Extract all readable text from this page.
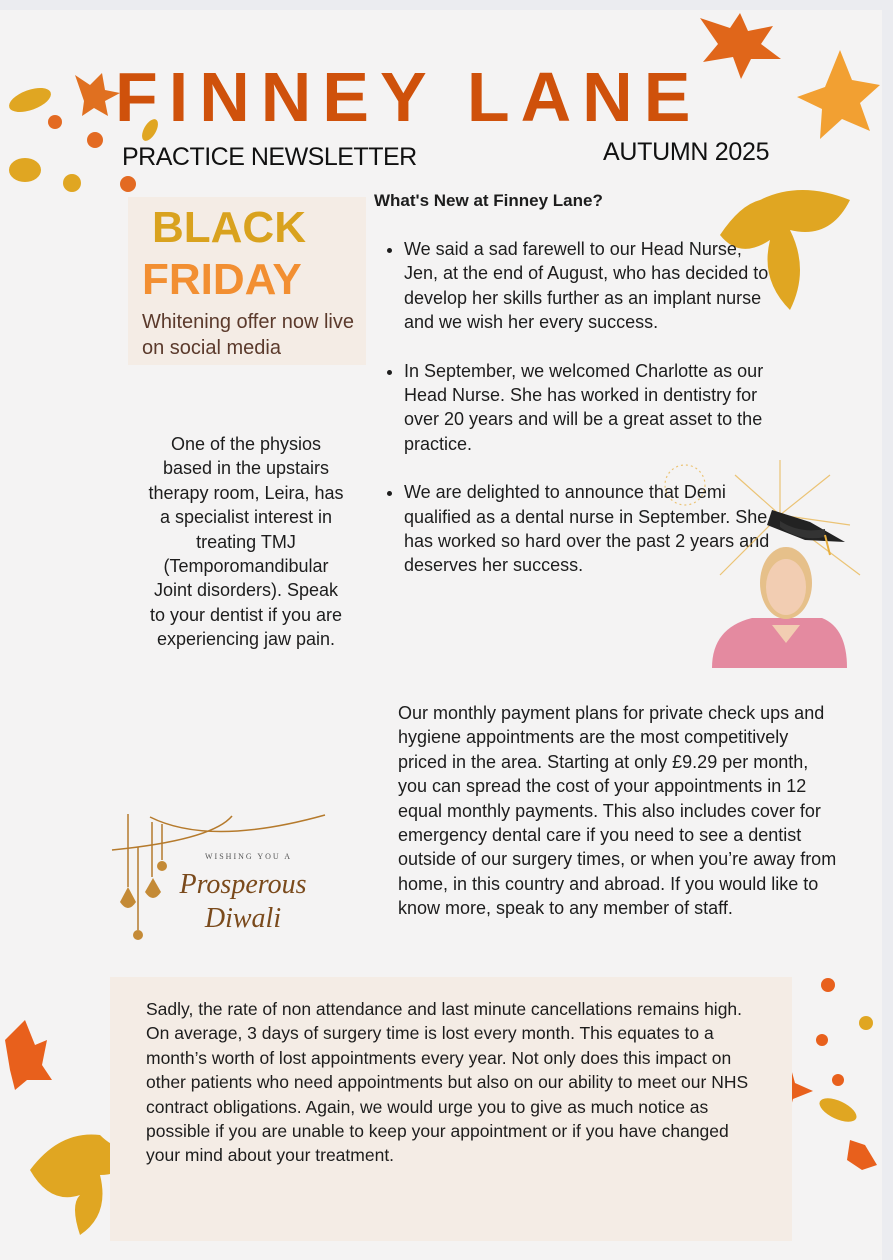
FINNEY LANE
PRACTICE NEWSLETTER	AUTUMN 2025
BLACK
FRIDAY
Whitening offer now live on social media
What's New at Finney Lane?
• We said a sad farewell to our Head Nurse, Jen, at the end of August, who has decided to develop her skills further as an implant nurse and we wish her every success.
• In September, we welcomed Charlotte as our Head Nurse. She has worked in dentistry for over 20 years and will be a great asset to the practice.
• We are delighted to announce that Demi qualified as a dental nurse in September. She has worked so hard over the past 2 years and deserves her success.
One of the physios based in the upstairs therapy room, Leira, has a specialist interest in treating TMJ (Temporomandibular Joint disorders). Speak to your dentist if you are experiencing jaw pain.
Our monthly payment plans for private check ups and hygiene appointments are the most competitively priced in the area. Starting at only £9.29 per month, you can spread the cost of your appointments in 12 equal monthly payments. This also includes cover for emergency dental care if you need to see a dentist outside of our surgery times, or when you’re away from home, in this country and abroad. If you would like to know more, speak to any member of staff.
WISHING YOU A
Prosperous
Diwali

Sadly, the rate of non attendance and last minute cancellations remains high. On average, 3 days of surgery time is lost every month. This equates to a month’s worth of lost appointments every year. Not only does this impact on other patients who need appointments but also on our ability to meet our NHS contract obligations. Again, we would urge you to give as much notice as possible if you are unable to keep your appointment or if you have changed your mind about your treatment.
